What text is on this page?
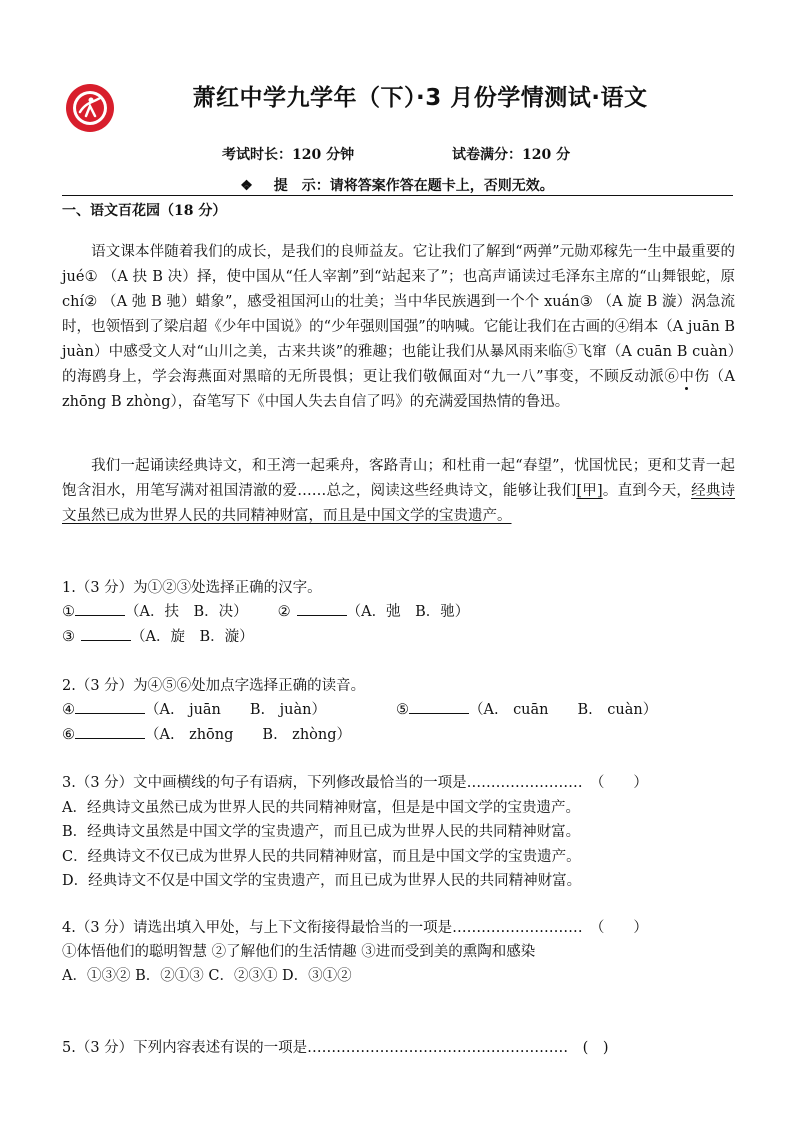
萧红中学九学年（下）·3 月份学情测试·语文
考试时长：120 分钟	试卷满分：120 分
❖ 提　示：请将答案作答在题卡上，否则无效。
一、语文百花园（18 分）
语文课本伴随着我们的成长，是我们的良师益友。它让我们了解到“两弹”元勋邓稼先一生中最重要的 jué① （A 抉 B 决）择，使中国从“任人宰割”到“站起来了”；也高声诵读过毛泽东主席的“山舞银蛇，原 chí② （A 弛 B 驰）蜡象”，感受祖国河山的壮美；当中华民族遇到一个个 xuán③ （A 旋 B 漩）涡急流时，也领悟到了梁启超《少年中国说》的“少年强则国强”的呐喊。它能让我们在古画的④绢本（A juān B juàn）中感受文人对“山川之美，古来共谈”的雅趣；也能让我们从暴风雨来临⑤飞窜（A cuān B cuàn）的海鸥身上，学会海燕面对黑暗的无所畏惧；更让我们敬佩面对“九一八”事变，不顾反动派⑥中伤（A zhōng B zhòng），奋笔写下《中国人失去自信了吗》的充满爱国热情的鲁迅。
我们一起诵读经典诗文，和王湾一起乘舟，客路青山；和杜甫一起“春望”，忧国忧民；更和艾青一起饱含泪水，用笔写满对祖国清澈的爱……总之，阅读这些经典诗文，能够让我们[甲]。直到今天，经典诗文虽然已成为世界人民的共同精神财富，而且是中国文学的宝贵遗产。
1.（3 分）为①②③处选择正确的汉字。
①	（A．扶　B．决） ②	（A．弛　B．驰）
③	（A．旋　B．漩）
2.（3 分）为④⑤⑥处加点字选择正确的读音。
④	（A.　juān　　B.　juàn）	⑤	（A.　cuān　　B.　cuàn）
⑥	（A.　zhōng　　B.　zhòng）
3.（3 分）文中画横线的句子有语病，下列修改最恰当的一项是……………………　（　　）
A．经典诗文虽然已成为世界人民的共同精神财富，但是是中国文学的宝贵遗产。
B．经典诗文虽然是中国文学的宝贵遗产，而且已成为世界人民的共同精神财富。
C．经典诗文不仅已成为世界人民的共同精神财富，而且是中国文学的宝贵遗产。
D．经典诗文不仅是中国文学的宝贵遗产，而且已成为世界人民的共同精神财富。
4.（3 分）请选出填入甲处，与上下文衔接得最恰当的一项是………………………　（　　）
①体悟他们的聪明智慧 ②了解他们的生活情趣 ③进而受到美的熏陶和感染
A．①③② B．②①③ C．②③① D．③①②
5.（3 分）下列内容表述有误的一项是………………………………………………　(　)
